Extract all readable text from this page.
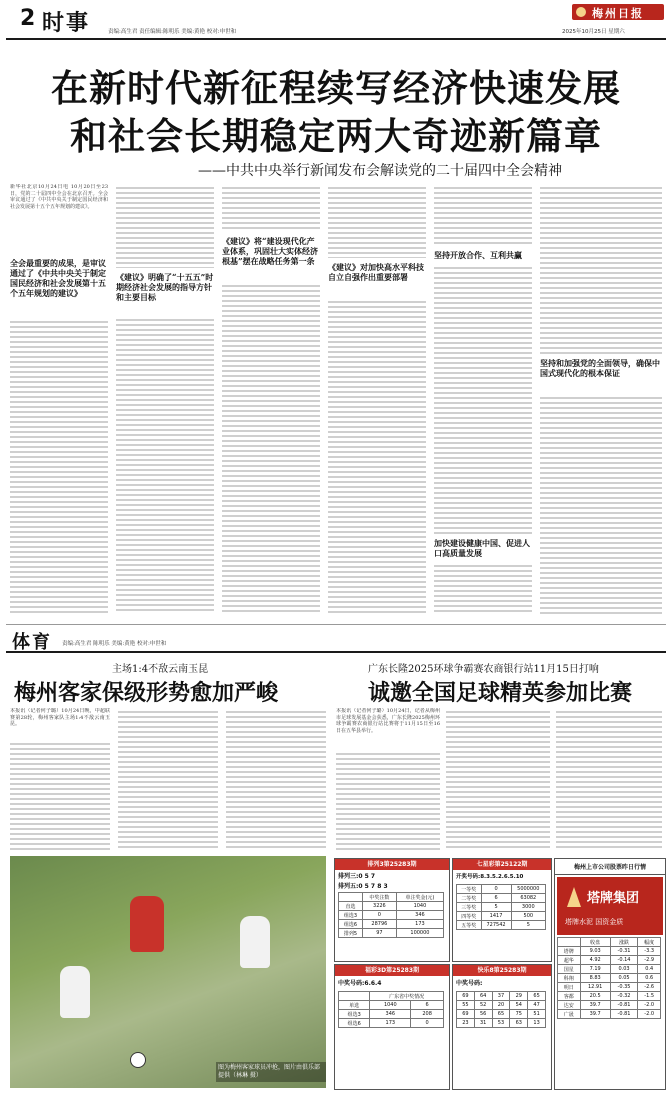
2 时事	责编:高生君 责任编辑:陈明乐 美编:黄艳 校对:申世和
梅州日报
2025年10月25日 星期六
在新时代新征程续写经济快速发展
和社会长期稳定两大奇迹新篇章
——中共中央举行新闻发布会解读党的二十届四中全会精神
新华社北京10月24日电 10月20日至23日，党的二十届四中全会在北京召开。全会审议通过了《中共中央关于制定国民经济和社会发展第十五个五年规划的建议》。
全会最重要的成果，是审议通过了《中共中央关于制定国民经济和社会发展第十五个五年规划的建议》
《建议》明确了“十五五”时期经济社会发展的指导方针和主要目标
《建议》将“建设现代化产业体系，巩固壮大实体经济根基”摆在战略任务第一条
《建议》对加快高水平科技自立自强作出重要部署
坚持开放合作、互利共赢
加快建设健康中国、促进人口高质量发展
坚持和加强党的全面领导，确保中国式现代化的根本保证
体育 责编:高生君 陈明乐 美编:黄艳 校对:申世和
主场1:4不敌云南玉昆
梅州客家保级形势愈加严峻
本报讯（记者何子璐）10月24日晚，中超联赛第28轮，梅州客家队主场1:4不敌云南玉昆。
图为梅州客家球员冲抢，图片由俱乐部提供（林琳 摄）
广东长隆2025环球争霸赛农商银行站11月15日打响
诚邀全国足球精英参加比赛
本报讯（记者何子璐）10月24日，记者从梅州市足球发展基金会获悉，广东长隆2025梅州环球争霸赛农商银行站比赛将于11月15日至16日在五华县举行。
排列3第25283期
排列三:0 5 7
排列五:0 5 7 8 3
	中奖注数	单注奖金(元)
直选	3226	1040
组选3	0	346
组选6	28796	173
排列5	97	100000
七星彩第25122期
开奖号码:8.3.5.2.6.5.10
一等奖	0	5000000
二等奖	6	63082
三等奖	5	3000
四等奖	1417	500
五等奖	727542	5
福彩3D第25283期
中奖号码:6.6.4
	广东省中奖情况	
单选	1040	6
组选3	346	208
组选6	173	0
快乐8第25283期
中奖号码:
69	64	37	29	65
55	52	20	54	47
69	56	65	75	51
23	31	53	63	13
梅州上市公司股票昨日行情
塔牌集团
塔牌水泥 国资金质
	收盘	涨跌	幅度
塔牌	9.03	-0.31	-3.3
超华	4.92	-0.14	-2.9
国星	7.19	0.03	0.4
科翔	8.83	0.05	0.6
明日	12.91	-0.35	-2.6
客都	20.5	-0.32	-1.5
达安	39.7	-0.81	-2.0
广晟	39.7	-0.81	-2.0
